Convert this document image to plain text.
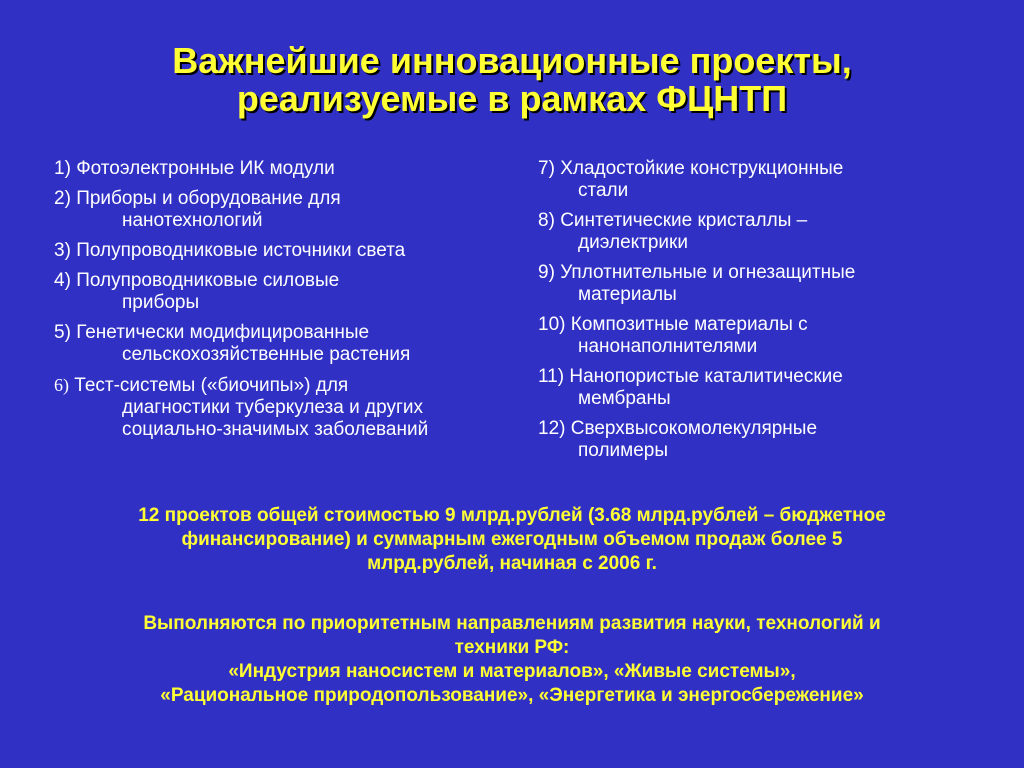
Важнейшие инновационные проекты,
реализуемые в рамках ФЦНТП
1) Фотоэлектронные ИК модули
2) Приборы и оборудование для
нанотехнологий
3) Полупроводниковые источники света
4) Полупроводниковые силовые
приборы
5) Генетически модифицированные
сельскохозяйственные растения
6) Тест-системы («биочипы») для
диагностики туберкулеза и других
социально-значимых заболеваний
7) Хладостойкие конструкционные
стали
8) Синтетические кристаллы –
диэлектрики
9) Уплотнительные и огнезащитные
материалы
10) Композитные материалы с
нанонаполнителями
11) Нанопористые каталитические
мембраны
12) Сверхвысокомолекулярные
полимеры
12 проектов общей стоимостью 9 млрд.рублей (3.68 млрд.рублей – бюджетное
финансирование) и суммарным ежегодным объемом продаж более 5
млрд.рублей, начиная с 2006 г.
Выполняются по приоритетным направлениям развития науки, технологий и
техники РФ:
«Индустрия наносистем и материалов», «Живые системы»,
«Рациональное природопользование», «Энергетика и энергосбережение»
